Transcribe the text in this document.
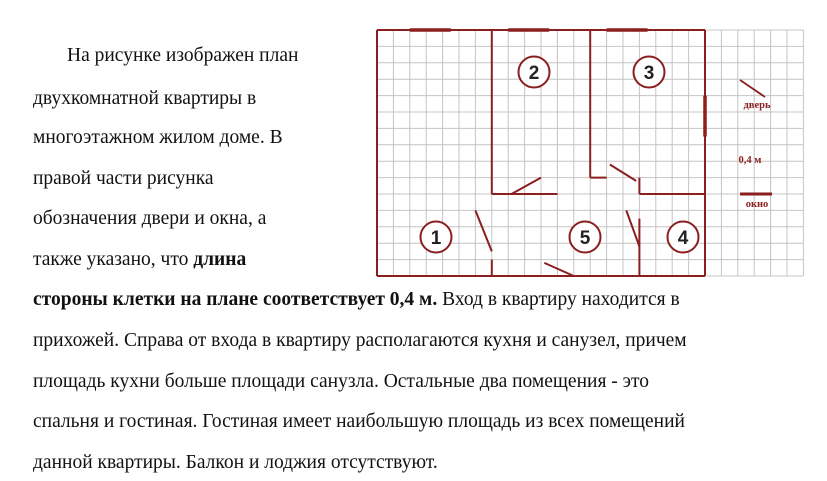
На рисунке изображен план
двухкомнатной квартиры в
многоэтажном жилом доме. В
правой части рисунка
обозначения двери и окна, а
также указано, что длина
стороны клетки на плане соответствует 0,4 м. Вход в квартиру находится в
прихожей. Справа от входа в квартиру располагаются кухня и санузел, причем
площадь кухни больше площади санузла. Остальные два помещения - это
спальня и гостиная. Гостиная имеет наибольшую площадь из всех помещений
данной квартиры. Балкон и лоджия отсутствуют.
1
2	3
4
5
дверь
0,4 м
окно
